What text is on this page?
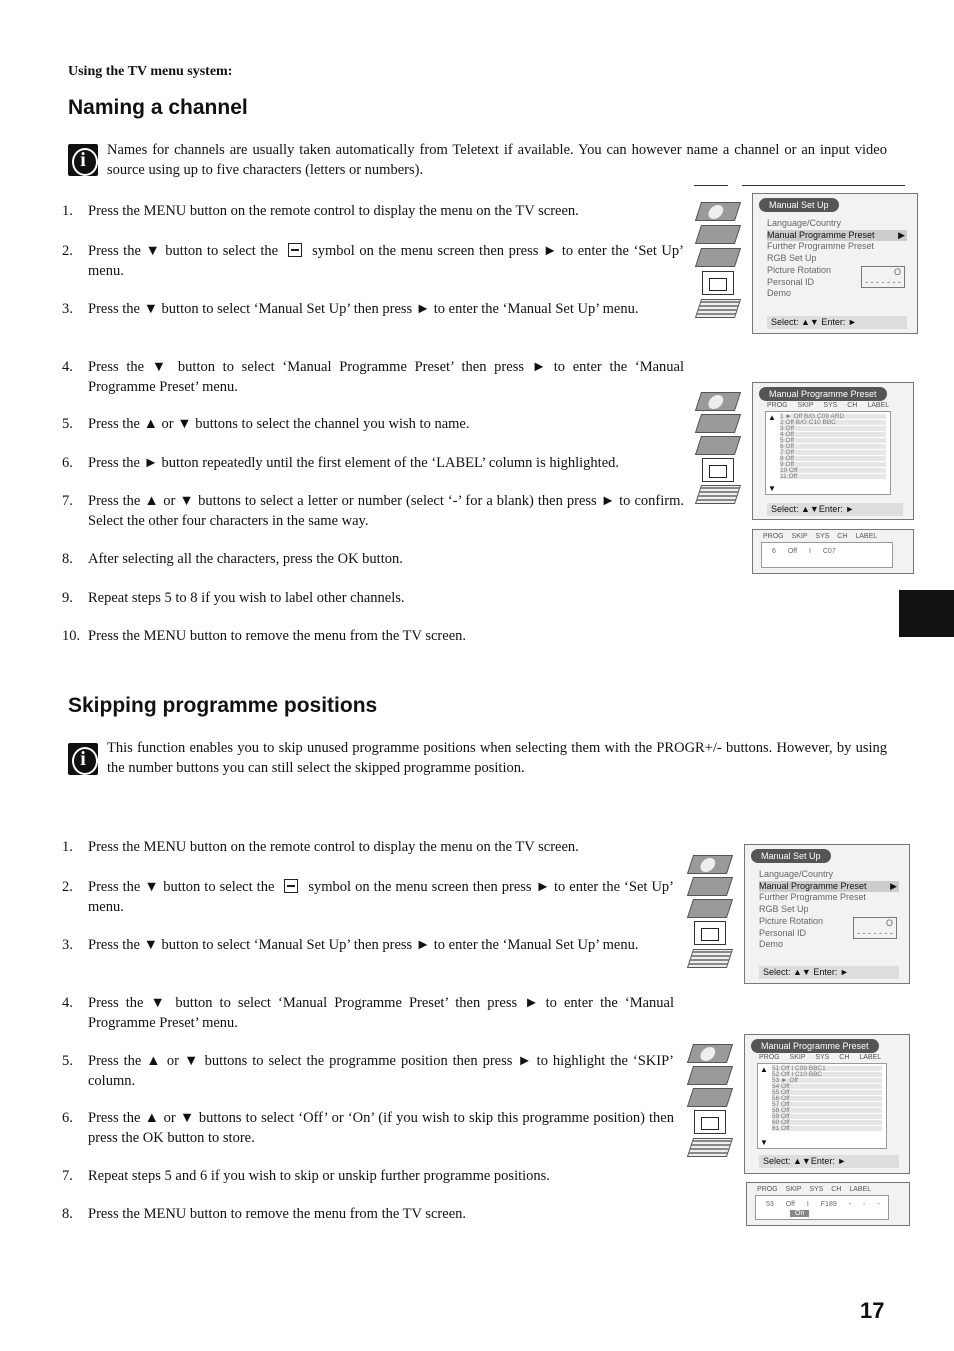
Using the TV menu system:
Naming a channel
i	Names for channels are usually taken automatically from Teletext if available. You can however name a channel or an input video source using up to five characters (letters or numbers).
1.	Press the MENU button on the remote control to display the menu on the TV screen.
2.	Press the ▼ button to select the symbol on the menu screen then press ► to enter the ‘Set Up’ menu.
3.	Press the ▼ button to select ‘Manual Set Up’ then press ► to enter the ‘Manual Set Up’ menu.
4.	Press the ▼ button to select ‘Manual Programme Preset’ then press ► to enter the ‘Manual Programme Preset’ menu.
5.	Press the ▲ or ▼ buttons to select the channel you wish to name.
6.	Press the ► button repeatedly until the first element of the ‘LABEL’ column is highlighted.
7.	Press the ▲ or ▼ buttons to select a letter or number (select ‘-’ for a blank) then press ► to confirm. Select the other four characters in the same way.
8.	After selecting all the characters, press the OK button.
9.	Repeat steps 5 to 8 if you wish to label other channels.
10. Press the MENU button to remove the menu from the TV screen.
Skipping programme positions
i	This function enables you to skip unused programme positions when selecting them with the PROGR+/- buttons. However, by using the number buttons you can still select the skipped programme position.
1.	Press the MENU button on the remote control to display the menu on the TV screen.
2.	Press the ▼ button to select the symbol on the menu screen then press ► to enter the ‘Set Up’ menu.
3.	Press the ▼ button to select ‘Manual Set Up’ then press ► to enter the ‘Manual Set Up’ menu.
4.	Press the ▼ button to select ‘Manual Programme Preset’ then press ► to enter the ‘Manual Programme Preset’ menu.
5.	Press the ▲ or ▼ buttons to select the programme position then press ► to highlight the ‘SKIP’ column.
6.	Press the ▲ or ▼ buttons to select ‘Off’ or ‘On’ (if you wish to skip this programme position) then press the OK button to store.
7.	Repeat steps 5 and 6 if you wish to skip or unskip further programme positions.
8.	Press the MENU button to remove the menu from the TV screen.
17
Manual Set Up
Language/Country
Manual Programme Preset	▶
Further Programme Preset
RGB Set Up
Picture Rotation	O
- - - - - - -
Personal ID
Demo
Select: ▲▼ Enter: ►
Manual Programme Preset
PROG SKIP SYS CH LABEL
▲
▼
1 ► Off B/G C09 ARD
2 Off B/G C10 BBC
3 Off
4 Off
5 Off
6 Off
7 Off
8 Off
9 Off
10 Off
11 Off
Select: ▲▼Enter: ►
PROG SKIP SYS CH LABEL
6 Off I C07
Manual Set Up
Language/Country
Manual Programme Preset	▶
Further Programme Preset
RGB Set Up
Picture Rotation	O
- - - - - - -
Personal ID
Demo
Select: ▲▼ Enter: ►
Manual Programme Preset
PROG SKIP SYS CH LABEL
▲
▼
51 Off I C09 BBC1
52 Off I C10 BBC
53 ► Off
54 Off
55 Off
56 Off
57 Off
58 Off
59 Off
60 Off
61 Off
Select: ▲▼Enter: ►
PROG SKIP SYS CH LABEL
53 Off I F189 - - -
On
